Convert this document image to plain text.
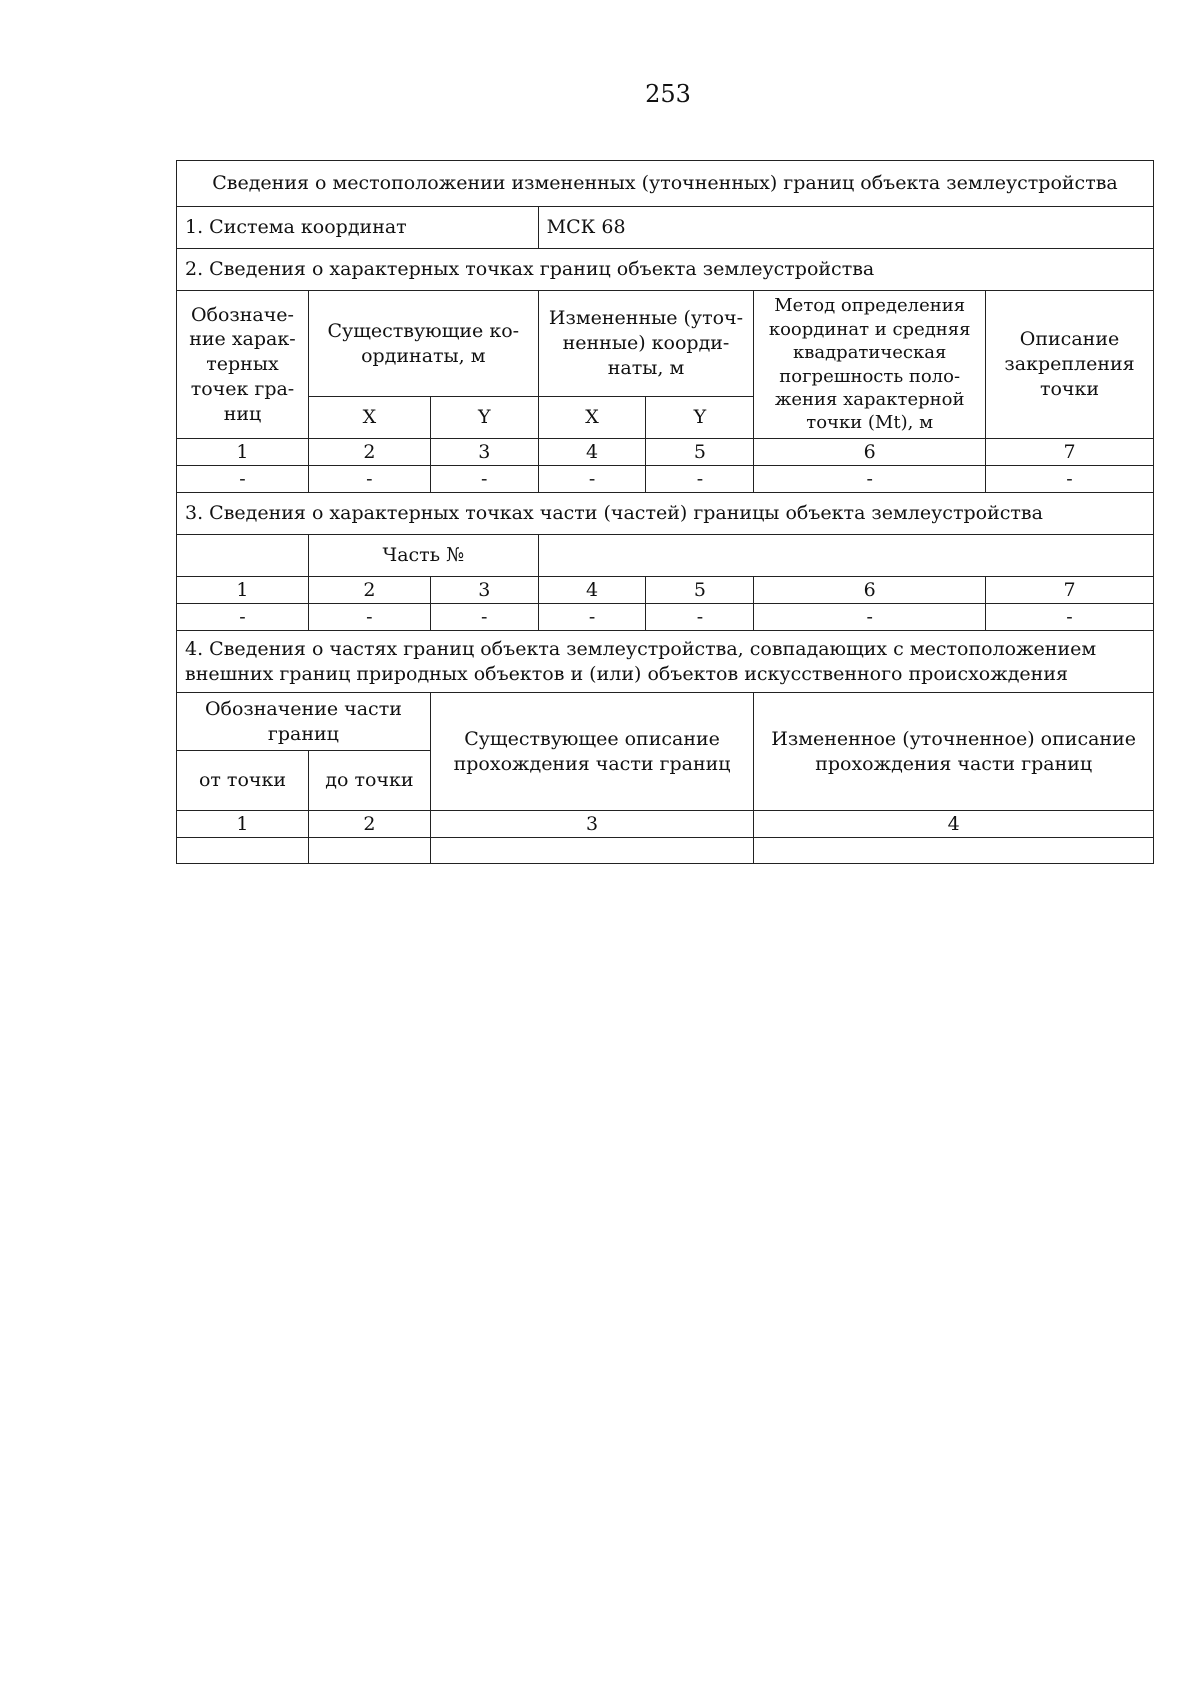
253
Сведения о местоположении измененных (уточненных) границ объекта землеустройства						
1. Система координат			МСК 68			
2. Сведения о характерных точках границ объекта землеустройства						
Обозначе-ние харак-терных точек гра-ниц	Существующие ко-ординаты, м		Измененные (уточ-ненные) коорди-наты, м		Метод определения координат и средняя квадратическая погрешность поло-жения характерной точки (Mt), м	Описание закрепления точки
	X	Y	X	Y		
1	2	3	4	5	6	7
-	-	-	-	-	-	-
3. Сведения о характерных точках части (частей) границы объекта землеустройства						
	Часть №					
1	2	3	4	5	6	7
-	-	-	-	-	-	-
4. Сведения о частях границ объекта землеустройства, совпадающих с местоположением внешних границ природных объектов и (или) объектов искусственного происхождения						
Обозначение части границ		Существующее описание прохождения части границ			Измененное (уточненное) описание прохождения части границ	
от точки	до точки					
1	2	3			4	
